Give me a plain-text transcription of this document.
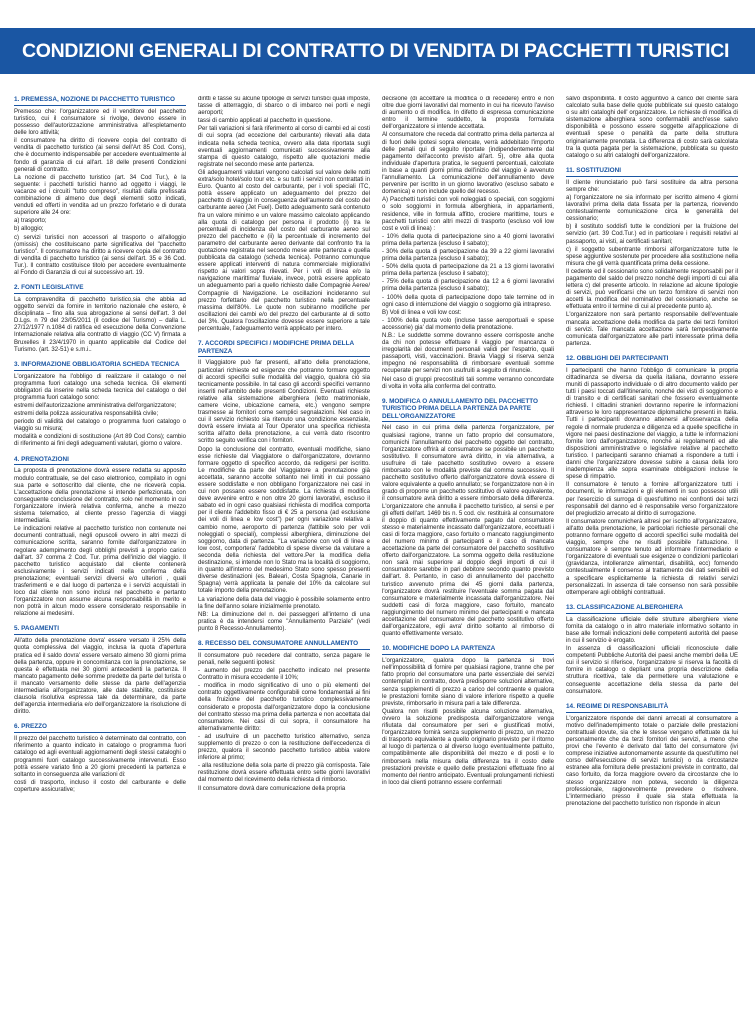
CONDIZIONI GENERALI DI CONTRATTO DI VENDITA DI PACCHETTI TURISTICI
1. PREMESSA, NOZIONE DI PACCHETTO TURISTICO

Premesso che: l'organizzatore ed il venditore del pacchetto turistico, cui il consumatore si rivolge, devono essere in possesso dell'autorizzazione amministrativa all'espletamento delle loro attività;

il consumatore ha diritto di ricevere copia del contratto di vendita di pacchetto turistico (ai sensi dell'Art 85 Cod. Cons), che è documento indispensabile per accedere eventualmente al fondo di garanzia di cui all'art. 18 delle presenti Condizioni generali di contratto.

La nozione di pacchetto turistico (art. 34 Cod Tur.), è la seguente: i pacchetti turistici hanno ad oggetto i viaggi, le vacanze ed i circuiti "tutto compreso", risultati dalla prefissata combinazione di almeno due degli elementi sotto indicati, venduti ed offerti in vendita ad un prezzo forfetario e di durata superiore alle 24 ore:

a) trasporto;

b) alloggio;

c) servizi turistici non accessori al trasporto o all'alloggio (omissis) che costituiscano parte significativa del "pacchetto turistico". Il consumatore ha diritto a ricevere copia del contratto di vendita di pacchetto turistico (ai sensi dell'art. 35 e 36 Cod. Tur.). Il contratto costituisce titolo per accedere eventualmente al Fondo di Garanzia di cui al successivo art. 19.

2. FONTI LEGISLATIVE

La compravendita di pacchetto turistico,sia che abbia ad oggetto servizi da fornire in territorio nazionale che estero, è disciplinata – fino alla sua abrogazione ai sensi dell'art. 3 del D.Lgs. n 79 del 23/05/2011 (il codice del Turismo) – dalla L. 27/12/1977 n.1084 di ratifica ed esecuzione della Convenzione Internazionale relativa alla contratto di viaggio (CC V) firmata a Bruxelles il 23/4/1970 in quanto applicabile dal Codice del Turismo. (art. 32-51) e s.m.i..

3. INFORMAZIONE OBBLIGATORIA SCHEDA TECNICA

L'organizzatore ha l'obbligo di realizzare il catalogo o nel programma fuori catalogo una scheda tecnica. Gli elementi obbligatori da inserire nella scheda tecnica del catalogo o del programma fuori catalogo sono:

estremi dell'autorizzazione amministrativa dell'organizzatore;

estremi della polizza assicurativa responsabilità civile;

periodo di validità del catalogo o programma fuori catalogo o viaggio su misura;

modalità e condizioni di sostituzione (Art 89 Cod Cons); cambio di riferimento ai fini degli adeguamenti valutari, giorno o valore.

4. PRENOTAZIONI

La proposta di prenotazione dovrà essere redatta su apposito modulo contrattuale, se del caso elettronico, compilato in ogni sua parte e sottoscritto dal cliente, che ne riceverà copia. L'accettazione della prenotazione si intende perfezionata, con conseguente conclusione del contratto, solo nel momento in cui l'organizzatore invierà relativa conferma, anche a mezzo sistema telematico, al cliente presso l'agenzia di viaggi intermediaria.

Le indicazioni relative al pacchetto turistico non contenute nei documenti contrattuali, negli opuscoli ovvero in altri mezzi di comunicazione scritta, saranno fornite dall'organizzatore in regolare adempimento degli obblighi previsti a proprio carico dall'art. 37 comma 2 Cod. Tur. prima dell'inizio del viaggio. Il pacchetto turistico acquistato dal cliente contenerà esclusivamente i servizi indicati nella conferma della prenotazione; eventuali servizi diversi e/o ulteriori , quali trasferimenti e e dal luogo di partenza e i servizi acquistati in loco dal cliente non sono inclusi nel pacchetto e pertanto l'organizzatore non assume alcuna responsabilità in merito e non potrà in alcun modo essere considerato responsabile in relazione ai medesimi.

5. PAGAMENTI

All'atto della prenotazione dovra' essere versato il 25% della quota complessiva del viaggio, inclusa la quota d'apertura pratica ed il saldo dovra' essere versato almeno 30 giorni prima della partenza, oppure in concomitanza con la prenotazione, se questa è effettuata nei 30 giorni antecedenti la partenza. Il mancato pagamento delle somme predette da parte del turista o il mancato versamento delle stesse da parte dell'agenzia intermediaria all'organizzatore, alle date stabilite, costituisce clausola risolutiva espressa tale da determinare, da parte dell'agenzia intermediaria e/o dell'organizzatore la risoluzione di diritto.

6. PREZZO

Il prezzo del pacchetto turistico è determinato dal contratto, con riferimento a quanto indicato in catalogo o programma fuori catalogo ed agli eventuali aggiornamenti degli stessi cataloghi o programmi fuori catalogo successivamente intervenuti. Esso potrà essere variato fino a 20 giorni precedenti la partenza e soltanto in conseguenza alle variazioni di:

costi di trasporto, incluso il costo del carburante e delle coperture assicurative;

diritti e tasse su alcune tipologie di servizi turistici quali imposte, tasse di atterraggio, di sbarco o di imbarco nei porti e negli aeroporti;

tassi di cambio applicati al pacchetto in questione.

Per tali variazioni si farà riferimento al corso di cambi ed ai costi di cui sopra (ad eccezione del carburante) rilevati alla data indicata nella scheda tecnica, ovvero alla data riportata sugli eventuali aggiornamenti comunicati successivamente alla stampa di questo catalogo, rispetto alle quotazioni medie registrate nel secondo mese ante partenza.

Gli adeguamenti valutari vengono calcolati sul valore delle notti extra/solo hotel/solo tour etc. e su tutti i servizi non contrattati in Euro. Quanto al costo del carburante, per i voli speciali ITC, potrà essere applicato un adeguamento del prezzo del pacchetto di viaggio in conseguenza dell'aumento del costo del carburante aereo (Jet Fuel). Detto adeguamento sarà contenuto fra un valore minimo e un valore massimo calcolato applicando alla quota di catalogo per persona il prodotto (i) tra le percentuali di incidenza del costo del carburante aereo sul prezzo del pacchetto e (ii) la percentuale di incremento del parametro del carburante aereo derivante dal confronto fra la quotazione registrata nel secondo mese ante partenza e quella pubblicata da catalogo (scheda tecnica). Potranno comunque essere applicati interventi di natura commerciale migliorativi rispetto ai valori sopra rilevati. Per i voli di linea e/o la navigazione marittima/ fluviale, invece, potrà essere applicato un adeguamento pari a quello richiesto dalle Compagnie Aeree/ Compagnie di Navigazione. Le oscillazioni incideranno sul prezzo forfettario del pacchetto turistico nella percentuale massima dell'80%. Le quote non subiranno modifiche per oscillazioni dei cambi e/o del prezzo del carburante al di sotto del 3%. Qualora l'oscillazione dovesse essere superiore a tale percentuale, l'adeguamento verrà applicato per intero.

7. ACCORDI SPECIFICI / MODIFICHE PRIMA DELLA PARTENZA

Il Viaggiatore può far presenti, all'atto della prenotazione, particolari richieste ed esigenze che potranno formare oggetto di accordi specifici sulle modalità del viaggio, qualora ciò sia tecnicamente possibile. In tal caso gli accordi specifici verranno inseriti nell'ambito delle presenti Condizioni. Eventuali richieste relative alla sistemazione alberghiera (letto matrimoniale, camere vicine, ubicazione camera, etc.) vengono sempre trasmesse ai fornitori come semplici segnalazioni. Nel caso in cui il servizio richiesto sia ritenuto una condizione essenziale, dovrà essere inviata al Tour Operator una specifica richiesta scritta all'atto della prenotazione, a cui verrà dato riscontro scritto seguito verifica con i fornitori.

Dopo la conclusione del contratto, eventuali modifiche, siano esse richieste dal Viaggiatore o dall'organizzatore, dovranno formare oggetto di specifico accordo, da redigersi per iscritto. Le modifiche da parte del Viaggiatore a prenotazione già accettata, saranno accolte soltanto nei limiti in cui possano essere soddisfatte e non obbligano l'organizzatore nei casi in cui non possano essere soddisfatte. La richiesta di modifica deve avvenire entro e non oltre 20 giorni lavorativi, escluso il sabato ed in ogni caso qualsiasi richiesta di modifica comporta per il cliente l'addebito fisso di € 25 a persona (ad esclusione dei voli di linea e low cost") per ogni variazione relativa a cambio nome, aeroporto di partenza (fattibile solo per voli noleggiati o speciali), complessi alberghiera, diminuzione del soggiorno, data di partenza. "La variazione con voli di linea e low cost, comportera' l'addebito di spese diverse da valutare a seconda della richiesta del vettore.Per la modifica della destinazione, si intende non lo Stato ma la località di soggiorno, in quanto all'interno del medesimo Stato sono spesso presenti diverse destinazioni (es. Baleari, Costa Spagnola, Canarie in Spagna) verrà applicata la penale del 10% da calcolare sul totale importo della prenotazione.

La variazione della data del viaggio è possibile solamente entro la fine dell'anno solare inizialmente prenotato.

NB: La diminuzione del n. dei passeggeri all'interno di una pratica è da intendersi come "Annullamento Parziale" (vedi punto 8 Recesso-Annullamento).

8. RECESSO DEL CONSUMATORE ANNULLAMENTO

Il consumatore può recedere dal contratto, senza pagare le penali, nelle seguenti ipotesi:

- aumento del prezzo del pacchetto indicato nel presente Contratto in misura eccedente il 10%;

- modifica in modo significativo di uno o più elementi del contratto oggettivamente configurabili come fondamentali ai fini della fruizione del pacchetto turistico complessivamente considerato e proposta dall'organizzatore dopo la conclusione del contratto stesso ma prima della partenza e non accettata dal consumatore. Nei casi di cui sopra, il consumatore ha alternativamente diritto:

- ad usufruire di un pacchetto turistico alternativo, senza supplemento di prezzo o con la restituzione dell'eccedenza di prezzo, qualora il secondo pacchetto turistico abbia valore inferiore al primo;

- alla restituzione della sola parte di prezzo già corrisposta. Tale restituzione dovrà essere effettuata entro sette giorni lavorativi dal momento del ricevimento della richiesta di rimborso.

Il consumatore dovrà dare comunicazione della propria

decisione (di accettare la modifica o di recedere) entro e non oltre due giorni lavorativi dal momento in cui ha ricevuto l'avviso di aumento o di modifica. In difetto di espressa comunicazione entro il termine suddetto, la proposta formulata dell'organizzatore si intende accettata.

Al consumatore che receda dal contratto prima della partenza al di fuori delle ipotesi sopra elencate, verrà addebitato l'importo delle penali qui di seguito riportate (indipendentemente dal pagamento dell'acconto previsto all'art. 5), oltre alla quota individuale d'apertura pratica, le seguenti percentuali, calcolate in base a quanti giorni prima dell'inizio del viaggio è avvenuto l'annullamento. La comunicazione dell'annullamento deve pervenire per iscritto in un giorno lavorativo (escluso sabato e domenica) e non include quello del recesso.

A) Pacchetti turistici con voli noleggiati o speciali, con soggiorni o solo soggiorni in formula alberghiera, in appartamenti, residence, ville in formula affitto, crociere marittime, tours e pacchetti turistici con altri mezzi di trasporto (escluso voli low cost e voli di linea) :

- 10% della quota di partecipazione sino a 40 giorni lavorativi prima della partenza (escluso il sabato);

- 30% della quota di partecipazione da 39 a 22 giorni lavorativi prima della partenza (escluso il sabato);

- 50% della quota di partecipazione da 21 a 13 giorni lavorativi prima della partenza (escluso il sabato);

- 75% della quota di partecipazione da 12 a 6 giorni lavorativi prima della partenza (escluso il sabato);

- 100% della quota di partecipazione dopo tale termine od in ogni caso di interruzione del viaggio o soggiorno già intrapreso.

B) Voli di linea e voli low cost:

- 100% della quota volo (incluse tasse aeroportuali e spese accessorie) gia' dal momento della prenotazione.

N.B.: Le suddette somme dovranno essere corrisposte anche da chi non potesse effettuare il viaggio per mancanza o irregolarità dei documenti personali validi per l'espatrio, quali passaporti, visti, vaccinazioni. Bravia Viaggi si riserva senza impegno né responsabilità di rimborsare eventuali somme recuperate per servizi non usufruiti a seguito di rinuncie.

Nel caso di gruppi precostituiti tali somme verranno concordate di volta in volta alla conferma del contratto.

9. MODIFICA O ANNULLAMENTO DEL PACCHETTO TURISTICO PRIMA DELLA PARTENZA DA PARTE DELL'ORGANIZZATORE

Nel caso in cui prima della partenza l'organizzatore, per qualsiasi ragione, tranne un fatto proprio del consumatore, comunichi l'annullamento del pacchetto oggetto del contratto, l'organizzatore offrirà al consumatore se possibile un pacchetto sostitutivo. Il consumatore avrà diritto, in via alternativa, a usufruire di tale pacchetto sostitutivo ovvero a essere rimborsato con le modalità previste dal comma successivo. Il pacchetto sostitutivo offerto dall'organizzatore dovrà essere di valore equivalente a quello annullato; se l'organizzatore non è in grado di proporre un pacchetto sostitutivo di valore equivalente, il consumatore avrà diritto a essere rimborsato della differenza. L'organizzatore che annulla il pacchetto turistico, al sensi e per gli effetti dell'art. 1469 bis n. 5 cod. civ. restituirà al consumatore il doppio di quanto effettivamente pagato dal consumatore stesso e materialmente incassato dall'organizzatore, eccettuati i casi di forza maggiore, caso fortuito o mancato raggiungimento del numero minimo di partecipanti e il caso di mancata accettazione da parte del consumatore del pacchetto sostitutivo offerto dall'organizzatore. La somma oggetto della restituzione non sarà mai superiore al doppio degli importi di cui il consumatore sarebbe in pari debitore secondo quanto previsto dall'art. 8. Pertanto, in caso di annullamento del pacchetto turistico avvenuto prima dei 45 giorni dalla partenza, l'organizzatore dovrà restituire l'eventuale somma pagata dal consumatore e materialmente incassata dall'organizzatore. Nei suddetti casi di forza maggiore, caso fortuito, mancato raggiungimento del numero minimo dei partecipanti e mancata accettazione del consumatore del pacchetto sostitutivo offerto dall'organizzatore, egli avra' diritto soltanto al rimborso di quanto effettivamente versato.

10. MODIFICHE DOPO LA PARTENZA

L'organizzatore, qualora dopo la partenza si trovi nell'impossibilità di fornire per qualsiasi ragione, tranne che per fatto proprio del consumatore una parte essenziale dei servizi contemplati in contratto, dovrà predisporre soluzioni alternative, senza supplementi di prezzo a carico del contraente e qualora le prestazioni fornite siano di valore inferiore rispetto a quelle previste, rimborsarlo in misura pari a tale differenza.

Qualora non risulti possibile alcuna soluzione alternativa, ovvero la soluzione predisposta dall'organizzatore venga rifiutata dal consumatore per seri e giustificati motivi, l'organizzatore fornirà senza supplemento di prezzo, un mezzo di trasporto equivalente a quello originario previsto per il ritorno al luogo di partenza o al diverso luogo eventualmente pattuito, compatibilmente alle disponibilità del mezzo e di posti e lo rimborserà nella misura della differenza tra il costo delle prestazioni previste e quello delle prestazioni effettuate fino al momento del rientro anticipato. Eventuali prolungamenti richiesti in loco dai clienti potranno essere confermati

salvo disponibilità. Il costo aggiuntivo a carico del cliente sarà calcolato sulla base delle quote pubblicate sui questo catalogo o su altri cataloghi dell' organizzatore. Le richieste di modifica di sistemazione alberghiera sono confermabili anch'esse salvo disponibilità e possono essere soggette all'applicazione di eventuali spese o penalità da parte della struttura originariamente prenotata. La differenza di costo sarà calcolata tra la quota pagata per la sistemazione, pubblicata su questo catalogo o su altri cataloghi dell'organizzatore.

11. SOSTITUZIONI

Il cliente rinunciatario può farsi sostituire da altra persona sempre che:

a) l'organizzatore ne sia informato per iscritto almeno 4 giorni lavorativi prima della data fissata per la partenza, ricevendo contestualmente comunicazione circa le generalità del cessionario;

b) il sostituto soddisfi tutte le condizioni per la fruizione del servizio (art. 39 Cod.Tur.) ed in particolare i requisiti relativi al passaporto, ai visti, ai certificati sanitari;

c) il soggetto subentrante rimborsi all'organizzatore tutte le spese aggiuntive sostenute per procedere alla sostituzione nella misura che gli verrà quantificata prima della cessione.

Il cedente ed il cessionario sono solidalmente responsabili per il pagamento del saldo del prezzo nonché degli importi di cui alla lettera c) del presente articolo. In relazione ad alcune tipologie di servizi, può verificarsi che un terzo fornitore di servizi non accetti la modifica del nominativo del cessionario, anche se effettuata entro il termine di cui al precedente punto a).

L'organizzatore non sarà pertanto responsabile dell'eventuale mancata accettazione della modifica da parte dei terzi fornitori di servizi. Tale mancata accettazione sarà tempestivamente comunicata dall'organizzatore alle parti interessate prima della partenza.

12. OBBLIGHI DEI PARTECIPANTI

I partecipanti che hanno l'obbligo di comunicare la propria cittadinanza se diversa da quella italiana, dovranno essere muniti di passaporto individuale o di altro documento valido per tutti i paesi toccati dall'itinerario, nonché dei visti di soggiorno e di transito e di certificati sanitari che fossero eventualmente richiesti. I cittadini stranieri dovranno reperire le informazioni attraverso le loro rappresentanze diplomatiche presenti in Italia. Tutti i partecipanti dovranno attenersi all'osservanza della regole di normale prudenza e diligenza ed a quelle specifiche in vigore nei paesi destinazione del viaggio, a tutte le informazioni fornite loro dall'organizzatore, nonché ai regolamenti ed alle disposizioni amministrative o legislative relative al pacchetto turistico. I partecipanti saranno chiamati a rispondere a tutti i danni che l'organizzatore dovesse subire a causa della loro inadempienza alle sopra esaminate obbligazioni incluse le spese di rimpatrio.

Il consumatore è tenuto a fornire all'organizzatore tutti i documenti, le informazioni e gli elementi in suo possesso utili per l'esercizio di surroga di quest'ultimo nei confronti dei terzi responsabili del danno ed è responsabile verso l'organizzatore del pregiudizio arrecato al diritto di surrogazione.

Il consumatore comunicherà altresì per iscritto all'organizzatore, all'atto della prenotazione, le particolari richieste personali che potranno formare oggetto di accordi specifici sulle modalità del viaggio, sempre che ne risulti possibile l'attuazione. Il consumatore è sempre tenuto ad informare l'intermediario e l'organizzatore di eventuali sue esigenze o condizioni particolari (gravidanza, intolleranze alimentari, disabilità, ecc) fornendo contestualmente il consenso al trattamento dei dati sensibili ed a specificare esplicitamente la richiesta di relativi servizi personalizzati. In assenza di tale consenso non sarà possibile ottemperare agli obblighi contrattuali.

13. CLASSIFICAZIONE ALBERGHIERA

La classificazione ufficiale delle strutture alberghiere viene fornita da catalogo o in altro materiale informativo soltanto in base alle formali indicazioni delle competenti autorità del paese in cui il servizio è erogato.

In assenza di classificazioni ufficiali riconosciute dalle competenti Pubbliche Autorità dei paesi anche membri della UE cui il servizio si riferisce, l'organizzatore si riserva la facoltà di fornire in catalogo o depliant una propria descrizione della struttura ricettiva, tale da permettere una valutazione e conseguente accettazione della stessa da parte del consumatore.

14. REGIME DI RESPONSABILITÀ

L'organizzatore risponde dei danni arrecati al consumatore a motivo dell'inadempimento totale o parziale delle prestazioni contrattuali dovute, sia che le stesse vengano effettuate da lui personalmente che da terzi fornitori dei servizi, a meno che provi che l'evento è derivato dal fatto del consumatore (ivi comprese iniziative autonomamente assunte da quest'ultimo nel corso dell'esecuzione di servizi turistici) o da circostanze estranee alla fornitura delle prestazioni previste in contratto, dal caso fortuito, da forza maggiore ovvero da circostanze che lo stesso organizzatore non poteva, secondo la diligenza professionale, ragionevolmente prevedere o risolvere. L'intermediario presso il quale sia stata effettuata la prenotazione del pacchetto turistico non risponde in alcun
